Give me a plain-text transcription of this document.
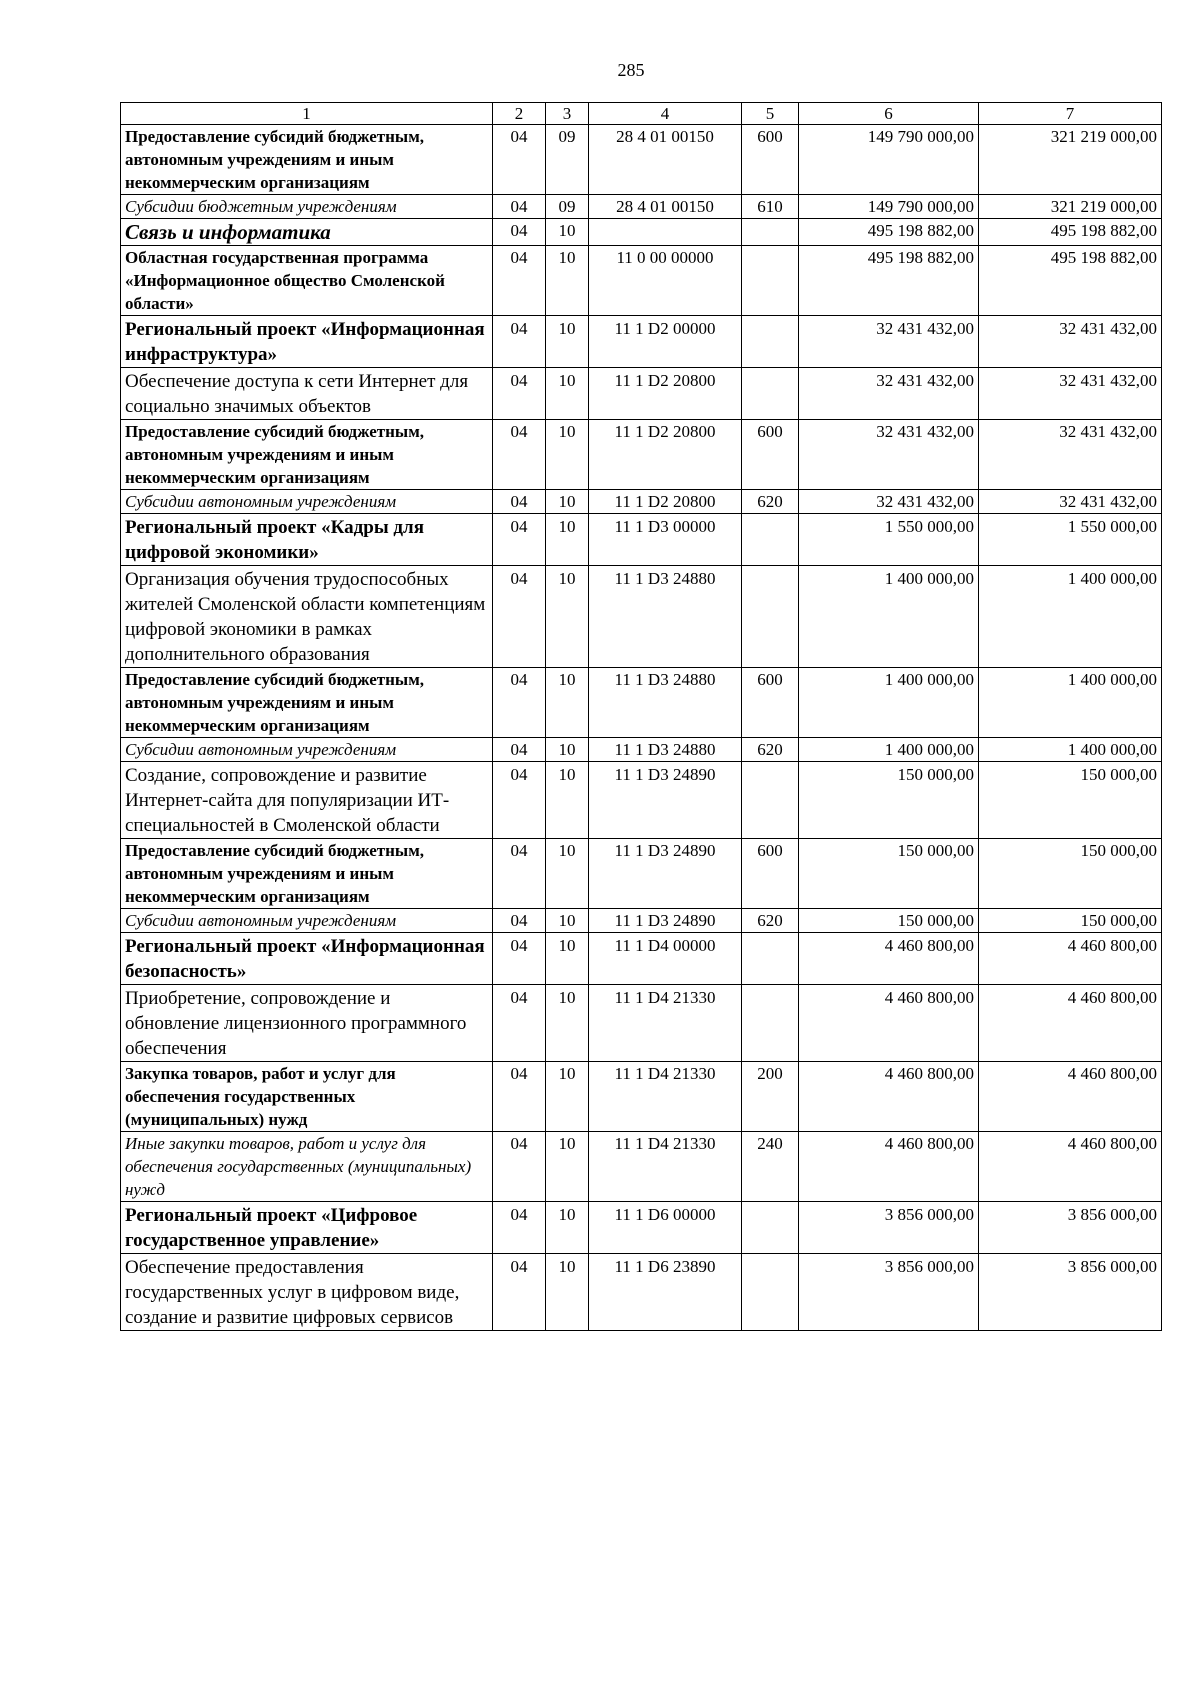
285
1	2	3	4	5	6	7
Предоставление субсидий бюджетным, автономным учреждениям и иным некоммерческим организациям	04	09	28 4 01 00150	600	149 790 000,00	321 219 000,00
Субсидии бюджетным учреждениям	04	09	28 4 01 00150	610	149 790 000,00	321 219 000,00
Связь и информатика	04	10			495 198 882,00	495 198 882,00
Областная государственная программа «Информационное общество Смоленской области»	04	10	11 0 00 00000		495 198 882,00	495 198 882,00
Региональный проект «Информационная инфраструктура»	04	10	11 1 D2 00000		32 431 432,00	32 431 432,00
Обеспечение доступа к сети Интернет для социально значимых объектов	04	10	11 1 D2 20800		32 431 432,00	32 431 432,00
Предоставление субсидий бюджетным, автономным учреждениям и иным некоммерческим организациям	04	10	11 1 D2 20800	600	32 431 432,00	32 431 432,00
Субсидии автономным учреждениям	04	10	11 1 D2 20800	620	32 431 432,00	32 431 432,00
Региональный проект «Кадры для цифровой экономики»	04	10	11 1 D3 00000		1 550 000,00	1 550 000,00
Организация обучения трудоспособных жителей Смоленской области компетенциям цифровой экономики в рамках дополнительного образования	04	10	11 1 D3 24880		1 400 000,00	1 400 000,00
Предоставление субсидий бюджетным, автономным учреждениям и иным некоммерческим организациям	04	10	11 1 D3 24880	600	1 400 000,00	1 400 000,00
Субсидии автономным учреждениям	04	10	11 1 D3 24880	620	1 400 000,00	1 400 000,00
Создание, сопровождение и развитие Интернет-сайта для популяризации ИТ-специальностей в Смоленской области	04	10	11 1 D3 24890		150 000,00	150 000,00
Предоставление субсидий бюджетным, автономным учреждениям и иным некоммерческим организациям	04	10	11 1 D3 24890	600	150 000,00	150 000,00
Субсидии автономным учреждениям	04	10	11 1 D3 24890	620	150 000,00	150 000,00
Региональный проект «Информационная безопасность»	04	10	11 1 D4 00000		4 460 800,00	4 460 800,00
Приобретение, сопровождение и обновление лицензионного программного обеспечения	04	10	11 1 D4 21330		4 460 800,00	4 460 800,00
Закупка товаров, работ и услуг для обеспечения государственных (муниципальных) нужд	04	10	11 1 D4 21330	200	4 460 800,00	4 460 800,00
Иные закупки товаров, работ и услуг для обеспечения государственных (муниципальных) нужд	04	10	11 1 D4 21330	240	4 460 800,00	4 460 800,00
Региональный проект «Цифровое государственное управление»	04	10	11 1 D6 00000		3 856 000,00	3 856 000,00
Обеспечение предоставления государственных услуг в цифровом виде, создание и развитие цифровых сервисов	04	10	11 1 D6 23890		3 856 000,00	3 856 000,00
